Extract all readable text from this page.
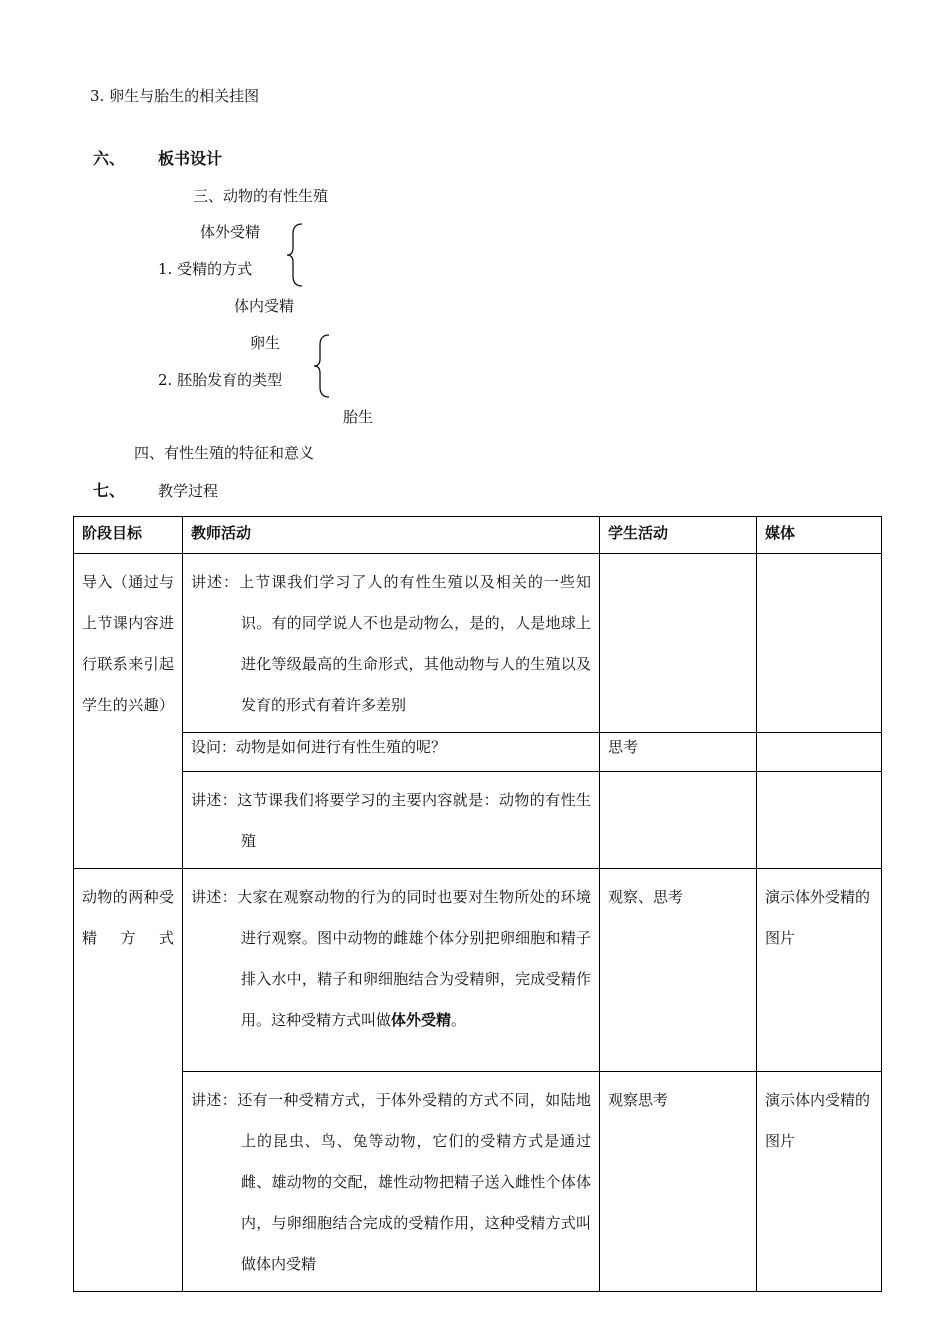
3. 卵生与胎生的相关挂图
六、 板书设计
三、动物的有性生殖
体外受精
1. 受精的方式
体内受精
卵生
2. 胚胎发育的类型
胎生
四、有性生殖的特征和意义
七、 教学过程
阶段目标	教师活动	学生活动	媒体
导入（通过与上节课内容进行联系来引起学生的兴趣）	讲述：上节课我们学习了人的有性生殖以及相关的一些知识。有的同学说人不也是动物么，是的，人是地球上进化等级最高的生命形式，其他动物与人的生殖以及发育的形式有着许多差别		

	设问：动物是如何进行有性生殖的呢？	思考	

	讲述：这节课我们将要学习的主要内容就是：动物的有性生殖		

动物的两种受精方式	讲述：大家在观察动物的行为的同时也要对生物所处的环境进行观察。图中动物的雌雄个体分别把卵细胞和精子排入水中，精子和卵细胞结合为受精卵，完成受精作用。这种受精方式叫做体外受精。	观察、思考	演示体外受精的图片

	讲述：还有一种受精方式，于体外受精的方式不同，如陆地上的昆虫、鸟、兔等动物，它们的受精方式是通过雌、雄动物的交配，雄性动物把精子送入雌性个体体内，与卵细胞结合完成的受精作用，这种受精方式叫做体内受精	观察思考	演示体内受精的图片
